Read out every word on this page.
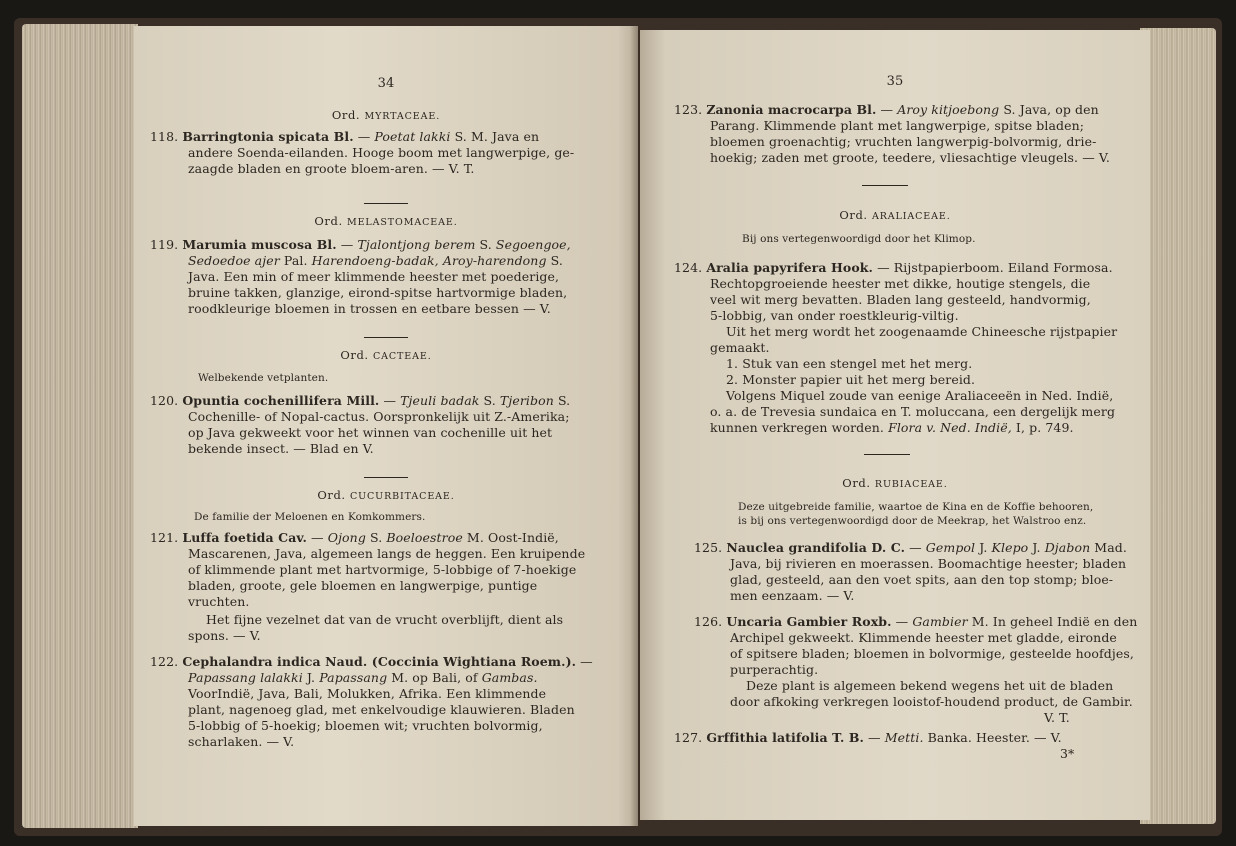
34
Ord. MYRTACEAE.
118. Barringtonia spicata Bl. — Poetat lakki S. M. Java en
andere Soenda-eilanden. Hooge boom met langwerpige, ge-
zaagde bladen en groote bloem-aren. — V. T.
Ord. MELASTOMACEAE.
119. Marumia muscosa Bl. — Tjalontjong berem S. Segoengoe,
Sedoedoe ajer Pal. Harendoeng-badak, Aroy-harendong S.
Java. Een min of meer klimmende heester met poederige,
bruine takken, glanzige, eirond-spitse hartvormige bladen,
roodkleurige bloemen in trossen en eetbare bessen — V.
Ord. CACTEAE.
Welbekende vetplanten.
120. Opuntia cochenillifera Mill. — Tjeuli badak S. Tjeribon S.
Cochenille- of Nopal-cactus. Oorspronkelijk uit Z.-Amerika;
op Java gekweekt voor het winnen van cochenille uit het
bekende insect. — Blad en V.
Ord. CUCURBITACEAE.
De familie der Meloenen en Komkommers.
121. Luffa foetida Cav. — Ojong S. Boeloestroe M. Oost-Indië,
Mascarenen, Java, algemeen langs de heggen. Een kruipende
of klimmende plant met hartvormige, 5-lobbige of 7-hoekige
bladen, groote, gele bloemen en langwerpige, puntige
vruchten.
Het fijne vezelnet dat van de vrucht overblijft, dient als
spons. — V.
122. Cephalandra indica Naud. (Coccinia Wightiana Roem.). —
Papassang lalakki J. Papassang M. op Bali, of Gambas.
VoorIndië, Java, Bali, Molukken, Afrika. Een klimmende
plant, nagenoeg glad, met enkelvoudige klauwieren. Bladen
5-lobbig of 5-hoekig; bloemen wit; vruchten bolvormig,
scharlaken. — V.
35
123. Zanonia macrocarpa Bl. — Aroy kitjoebong S. Java, op den
Parang. Klimmende plant met langwerpige, spitse bladen;
bloemen groenachtig; vruchten langwerpig-bolvormig, drie-
hoekig; zaden met groote, teedere, vliesachtige vleugels. — V.
Ord. ARALIACEAE.
Bij ons vertegenwoordigd door het Klimop.
124. Aralia papyrifera Hook. — Rijstpapierboom. Eiland Formosa.
Rechtopgroeiende heester met dikke, houtige stengels, die
veel wit merg bevatten. Bladen lang gesteeld, handvormig,
5-lobbig, van onder roestkleurig-viltig.
Uit het merg wordt het zoogenaamde Chineesche rijstpapier
gemaakt.
1. Stuk van een stengel met het merg.
2. Monster papier uit het merg bereid.
Volgens Miquel zoude van eenige Araliaceeën in Ned. Indië,
o. a. de Trevesia sundaica en T. moluccana, een dergelijk merg
kunnen verkregen worden. Flora v. Ned. Indië, I, p. 749.
Ord. RUBIACEAE.
Deze uitgebreide familie, waartoe de Kina en de Koffie behooren,
is bij ons vertegenwoordigd door de Meekrap, het Walstroo enz.
125. Nauclea grandifolia D. C. — Gempol J. Klepo J. Djabon Mad.
Java, bij rivieren en moerassen. Boomachtige heester; bladen
glad, gesteeld, aan den voet spits, aan den top stomp; bloe-
men eenzaam. — V.
126. Uncaria Gambier Roxb. — Gambier M. In geheel Indië en den
Archipel gekweekt. Klimmende heester met gladde, eironde
of spitsere bladen; bloemen in bolvormige, gesteelde hoofdjes,
purperachtig.
Deze plant is algemeen bekend wegens het uit de bladen
door afkoking verkregen looistof-houdend product, de Gambir.
V. T.
127. Grffithia latifolia T. B. — Metti. Banka. Heester. — V.
3*
